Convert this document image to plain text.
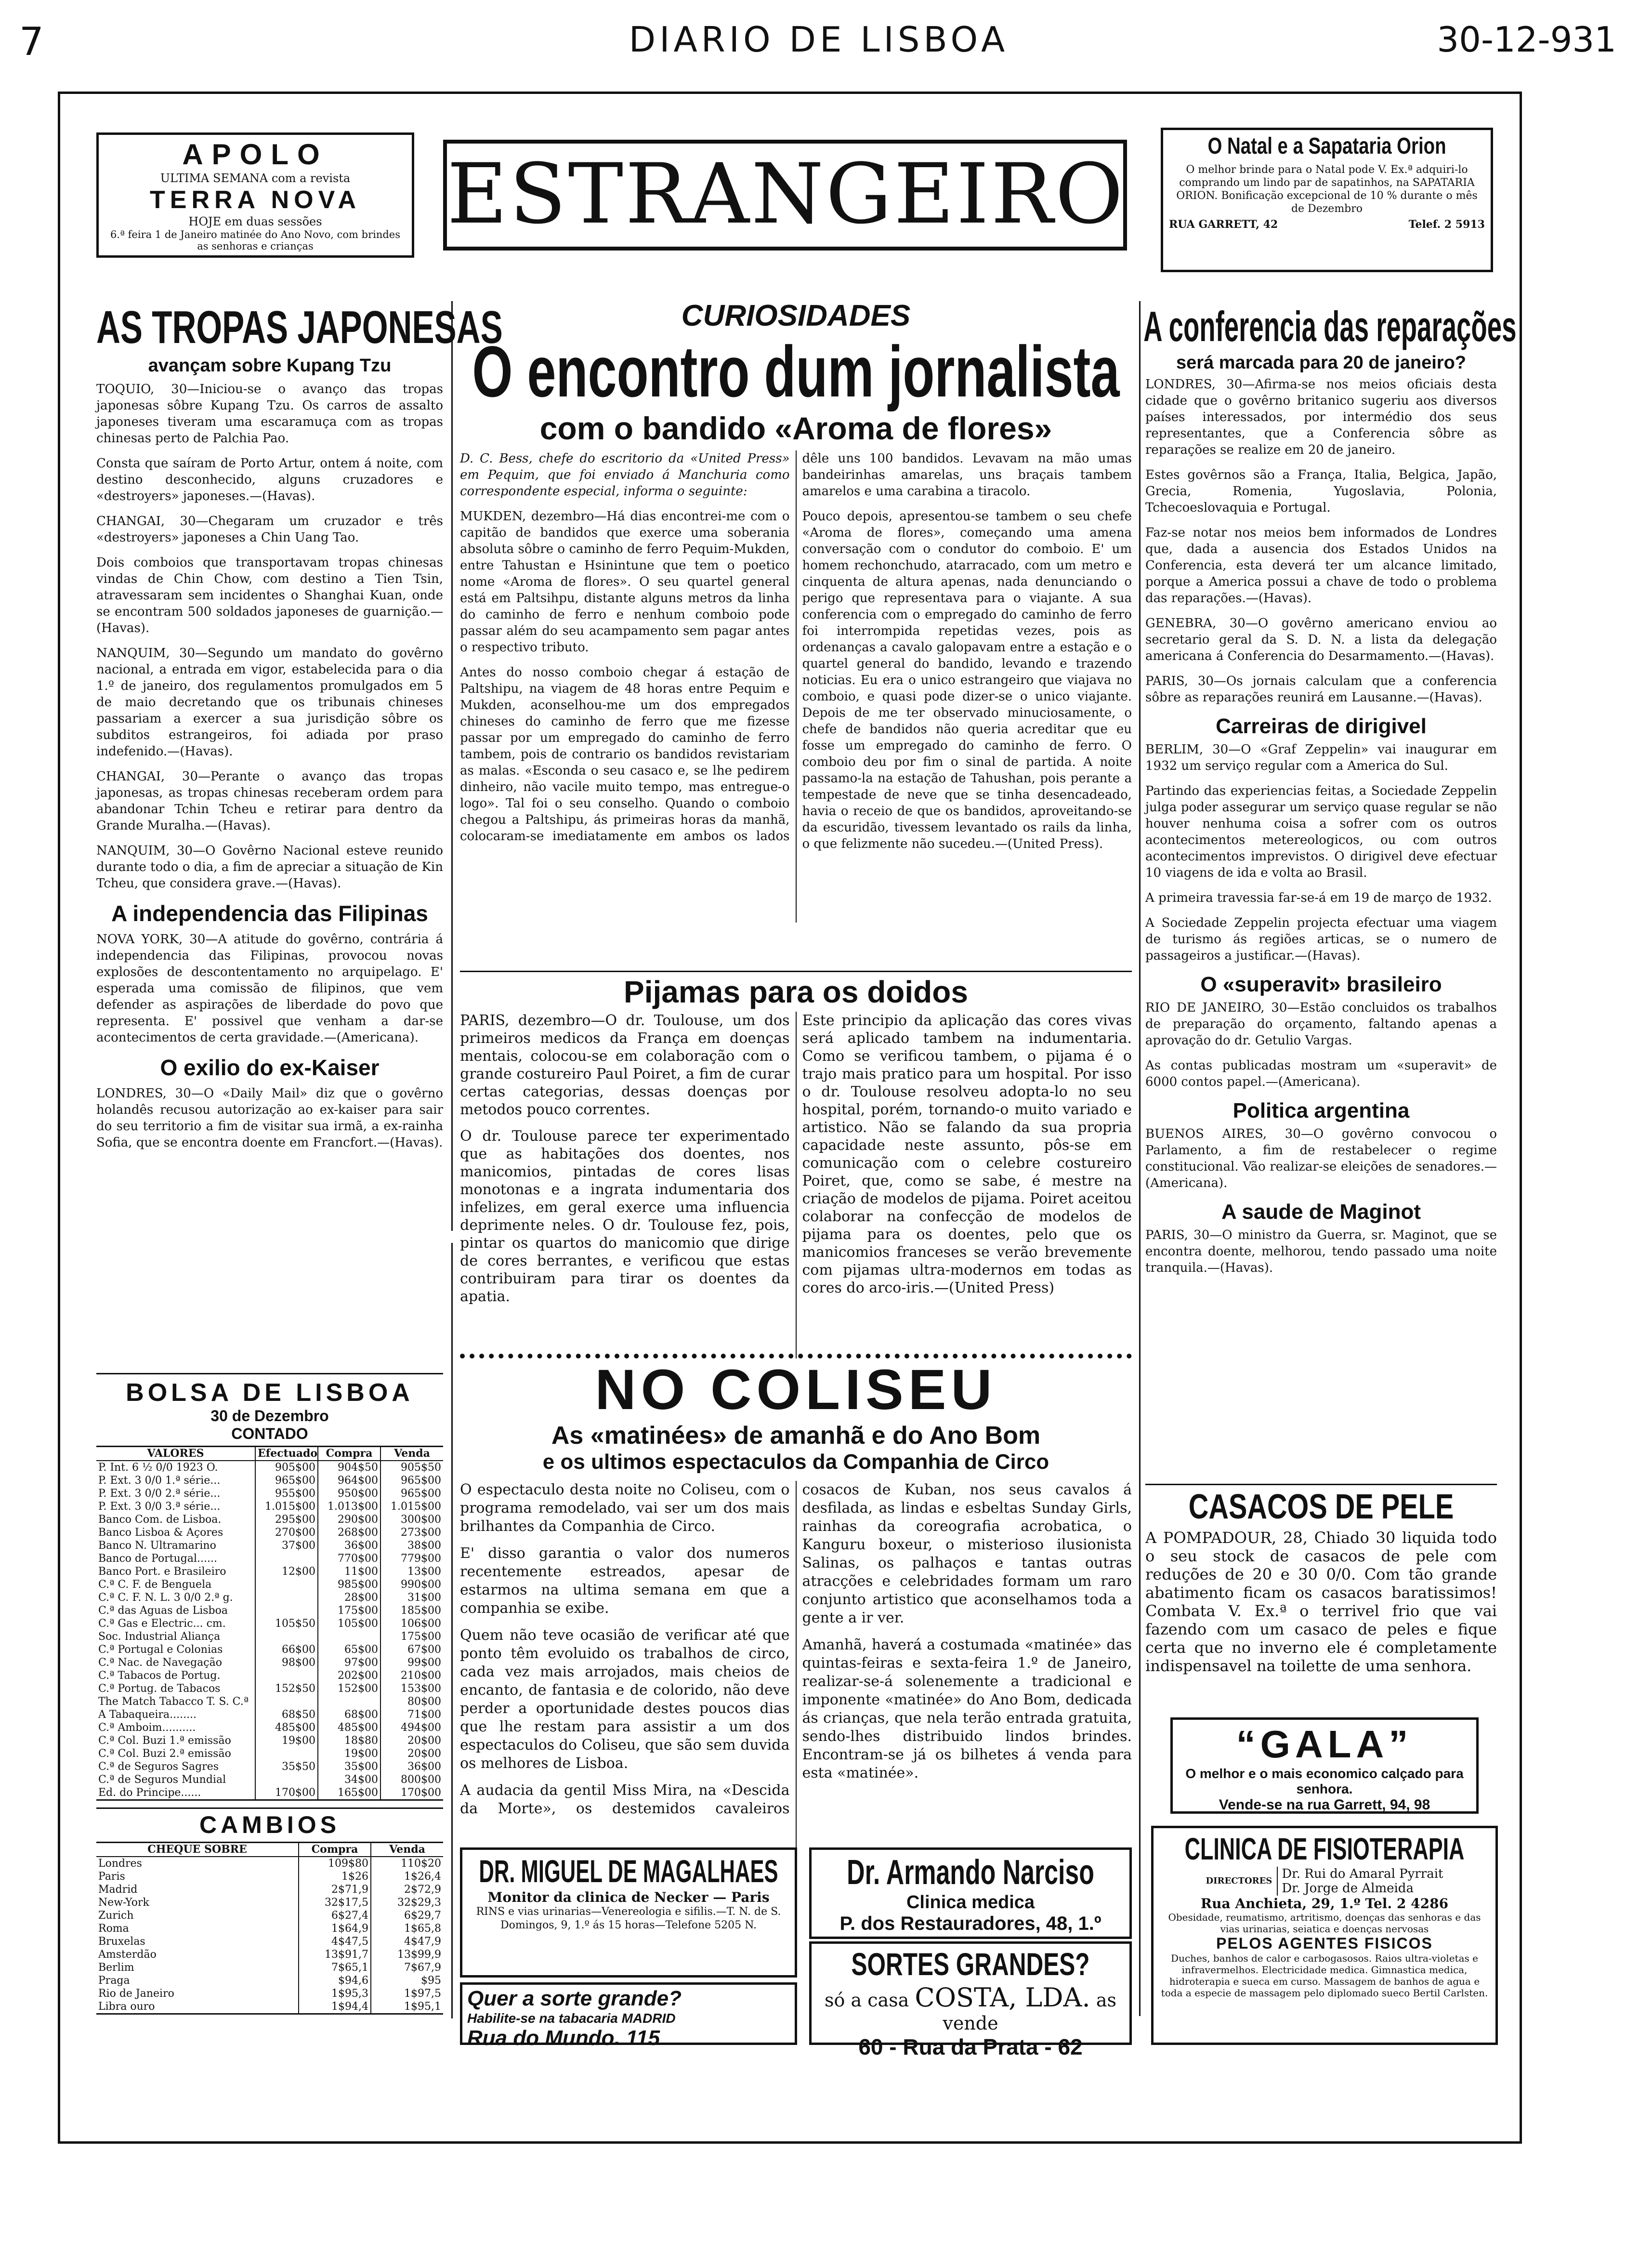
7	DIARIO DE LISBOA	30-12-931
APOLO
ULTIMA SEMANA com a revista
TERRA NOVA
HOJE em duas sessões
6.ª feira 1 de Janeiro matinée do Ano Novo, com brindes as senhoras e crianças
ESTRANGEIRO	O Natal e a Sapataria Orion
O melhor brinde para o Natal pode V. Ex.ª adquiri-lo comprando um lindo par de sapatinhos, na SAPATARIA ORION. Bonificação excepcional de 10 % durante o mês de Dezembro
RUA GARRETT, 42	Telef. 2 5913
AS TROPAS JAPONESAS
avançam sobre Kupang Tzu

TOQUIO, 30—Iniciou-se o avanço das tropas japonesas sôbre Kupang Tzu. Os carros de assalto japoneses tiveram uma escaramuça com as tropas chinesas perto de Palchia Pao.

Consta que saíram de Porto Artur, ontem á noite, com destino desconhecido, alguns cruzadores e «destroyers» japoneses.—(Havas).

CHANGAI, 30—Chegaram um cruzador e três «destroyers» japoneses a Chin Uang Tao.

Dois comboios que transportavam tropas chinesas vindas de Chin Chow, com destino a Tien Tsin, atravessaram sem incidentes o Shanghai Kuan, onde se encontram 500 soldados japoneses de guarnição.—(Havas).

NANQUIM, 30—Segundo um mandato do govêrno nacional, a entrada em vigor, estabelecida para o dia 1.º de janeiro, dos regulamentos promulgados em 5 de maio decretando que os tribunais chineses passariam a exercer a sua jurisdição sôbre os subditos estrangeiros, foi adiada por praso indefenido.—(Havas).

CHANGAI, 30—Perante o avanço das tropas japonesas, as tropas chinesas receberam ordem para abandonar Tchin Tcheu e retirar para dentro da Grande Muralha.—(Havas).

NANQUIM, 30—O Govêrno Nacional esteve reunido durante todo o dia, a fim de apreciar a situação de Kin Tcheu, que considera grave.—(Havas).

A independencia das Filipinas

NOVA YORK, 30—A atitude do govêrno, contrária á independencia das Filipinas, provocou novas explosões de descontentamento no arquipelago. E' esperada uma comissão de filipinos, que vem defender as aspirações de liberdade do povo que representa. E' possivel que venham a dar-se acontecimentos de certa gravidade.—(Americana).

O exilio do ex-Kaiser

LONDRES, 30—O «Daily Mail» diz que o govêrno holandês recusou autorização ao ex-kaiser para sair do seu territorio a fim de visitar sua irmã, a ex-rainha Sofia, que se encontra doente em Francfort.—(Havas).

BOLSA DE LISBOA
30 de Dezembro
CONTADO
VALORES	Efectuado	Compra	Venda
P. Int. 6 ½ 0/0 1923 O.	905$00	904$50	905$50
P. Ext. 3 0/0 1.ª série...	965$00	964$00	965$00
P. Ext. 3 0/0 2.ª série...	955$00	950$00	965$00
P. Ext. 3 0/0 3.ª série...	1.015$00	1.013$00	1.015$00
Banco Com. de Lisboa.	295$00	290$00	300$00
Banco Lisboa & Açores	270$00	268$00	273$00
Banco N. Ultramarino	37$00	36$00	38$00
Banco de Portugal......		770$00	779$00
Banco Port. e Brasileiro	12$00	11$00	13$00
C.ª C. F. de Benguela		985$00	990$00
C.ª C. F. N. L. 3 0/0 2.ª g.		28$00	31$00
C.ª das Aguas de Lisboa		175$00	185$00
C.ª Gas e Electric... cm.	105$50	105$00	106$00
Soc. Industrial Aliança			175$00
C.ª Portugal e Colonias	66$00	65$00	67$00
C.ª Nac. de Navegação	98$00	97$00	99$00
C.ª Tabacos de Portug.		202$00	210$00
C.ª Portug. de Tabacos	152$50	152$00	153$00
The Match Tabacco T. S. C.ª			80$00
A Tabaqueira........	68$50	68$00	71$00
C.ª Amboim..........	485$00	485$00	494$00
C.ª Col. Buzi 1.ª emissão	19$00	18$80	20$00
C.ª Col. Buzi 2.ª emissão		19$00	20$00
C.ª de Seguros Sagres	35$50	35$00	36$00
C.ª de Seguros Mundial		34$00	800$00
Ed. do Principe......	170$00	165$00	170$00
CAMBIOS
CHEQUE SOBRE	Compra	Venda
Londres	109$80	110$20
Paris	1$26	1$26,4
Madrid	2$71,9	2$72,9
New-York	32$17,5	32$29,3
Zurich	6$27,4	6$29,7
Roma	1$64,9	1$65,8
Bruxelas	4$47,5	4$47,9
Amsterdão	13$91,7	13$99,9
Berlim	7$65,1	7$67,9
Praga	$94,6	$95
Rio de Janeiro	1$95,3	1$97,5
Libra ouro	1$94,4	1$95,1
CURIOSIDADES
O encontro dum jornalista
com o bandido «Aroma de flores»

D. C. Bess, chefe do escritorio da «United Press» em Pequim, que foi enviado á Manchuria como correspondente especial, informa o seguinte:

MUKDEN, dezembro—Há dias encontrei-me com o capitão de bandidos que exerce uma soberania absoluta sôbre o caminho de ferro Pequim-Mukden, entre Tahustan e Hsinintune que tem o poetico nome «Aroma de flores». O seu quartel general está em Paltsihpu, distante alguns metros da linha do caminho de ferro e nenhum comboio pode passar além do seu acampamento sem pagar antes o respectivo tributo.

Antes do nosso comboio chegar á estação de Paltshipu, na viagem de 48 horas entre Pequim e Mukden, aconselhou-me um dos empregados chineses do caminho de ferro que me fizesse passar por um empregado do caminho de ferro tambem, pois de contrario os bandidos revistariam as malas. «Esconda o seu casaco e, se lhe pedirem dinheiro, não vacile muito tempo, mas entregue-o logo». Tal foi o seu conselho. Quando o comboio chegou a Paltshipu, ás primeiras horas da manhã, colocaram-se imediatamente em ambos os lados dêle uns 100 bandidos. Levavam na mão umas bandeirinhas amarelas, uns braçais tambem amarelos e uma carabina a tiracolo.

Pouco depois, apresentou-se tambem o seu chefe «Aroma de flores», começando uma amena conversação com o condutor do comboio. E' um homem rechonchudo, atarracado, com um metro e cinquenta de altura apenas, nada denunciando o perigo que representava para o viajante. A sua conferencia com o empregado do caminho de ferro foi interrompida repetidas vezes, pois as ordenanças a cavalo galopavam entre a estação e o quartel general do bandido, levando e trazendo noticias. Eu era o unico estrangeiro que viajava no comboio, e quasi pode dizer-se o unico viajante. Depois de me ter observado minuciosamente, o chefe de bandidos não queria acreditar que eu fosse um empregado do caminho de ferro. O comboio deu por fim o sinal de partida. A noite passamo-la na estação de Tahushan, pois perante a tempestade de neve que se tinha desencadeado, havia o receio de que os bandidos, aproveitando-se da escuridão, tivessem levantado os rails da linha, o que felizmente não sucedeu.—(United Press).

Pijamas para os doidos

PARIS, dezembro—O dr. Toulouse, um dos primeiros medicos da França em doenças mentais, colocou-se em colaboração com o grande costureiro Paul Poiret, a fim de curar certas categorias, dessas doenças por metodos pouco correntes.

O dr. Toulouse parece ter experimentado que as habitações dos doentes, nos manicomios, pintadas de cores lisas monotonas e a ingrata indumentaria dos infelizes, em geral exerce uma influencia deprimente neles. O dr. Toulouse fez, pois, pintar os quartos do manicomio que dirige de cores berrantes, e verificou que estas contribuiram para tirar os doentes da apatia.

Este principio da aplicação das cores vivas será aplicado tambem na indumentaria. Como se verificou tambem, o pijama é o trajo mais pratico para um hospital. Por isso o dr. Toulouse resolveu adopta-lo no seu hospital, porém, tornando-o muito variado e artistico. Não se falando da sua propria capacidade neste assunto, pôs-se em comunicação com o celebre costureiro Poiret, que, como se sabe, é mestre na criação de modelos de pijama. Poiret aceitou colaborar na confecção de modelos de pijama para os doentes, pelo que os manicomios franceses se verão brevemente com pijamas ultra-modernos em todas as cores do arco-iris.—(United Press)

NO COLISEU
As «matinées» de amanhã e do Ano Bom
e os ultimos espectaculos da Companhia de Circo

O espectaculo desta noite no Coliseu, com o programa remodelado, vai ser um dos mais brilhantes da Companhia de Circo.

E' disso garantia o valor dos numeros recentemente estreados, apesar de estarmos na ultima semana em que a companhia se exibe.

Quem não teve ocasião de verificar até que ponto têm evoluido os trabalhos de circo, cada vez mais arrojados, mais cheios de encanto, de fantasia e de colorido, não deve perder a oportunidade destes poucos dias que lhe restam para assistir a um dos espectaculos do Coliseu, que são sem duvida os melhores de Lisboa.

A audacia da gentil Miss Mira, na «Descida da Morte», os destemidos cavaleiros cosacos de Kuban, nos seus cavalos á desfilada, as lindas e esbeltas Sunday Girls, rainhas da coreografia acrobatica, o Kanguru boxeur, o misterioso ilusionista Salinas, os palhaços e tantas outras atracções e celebridades formam um raro conjunto artistico que aconselhamos toda a gente a ir ver.

Amanhã, haverá a costumada «matinée» das quintas-feiras e sexta-feira 1.º de Janeiro, realizar-se-á solenemente a tradicional e imponente «matinée» do Ano Bom, dedicada ás crianças, que nela terão entrada gratuita, sendo-lhes distribuido lindos brindes. Encontram-se já os bilhetes á venda para esta «matinée».

DR. MIGUEL DE MAGALHAES
Monitor da clinica de Necker — Paris
RINS e vias urinarias—Venereologia e sifilis.—T. N. de S. Domingos, 9, 1.º ás 15 horas—Telefone 5205 N.
Dr. Armando Narciso
Clinica medica
P. dos Restauradores, 48, 1.º
Quer a sorte grande?
Habilite-se na tabacaria MADRID
Rua do Mundo. 115
SORTES GRANDES?
só a casa COSTA, LDA. as vende
60 - Rua da Prata - 62
A conferencia das reparações
será marcada para 20 de janeiro?

LONDRES, 30—Afirma-se nos meios oficiais desta cidade que o govêrno britanico sugeriu aos diversos países interessados, por intermédio dos seus representantes, que a Conferencia sôbre as reparações se realize em 20 de janeiro.

Estes govêrnos são a França, Italia, Belgica, Japão, Grecia, Romenia, Yugoslavia, Polonia, Tchecoeslovaquia e Portugal.

Faz-se notar nos meios bem informados de Londres que, dada a ausencia dos Estados Unidos na Conferencia, esta deverá ter um alcance limitado, porque a America possui a chave de todo o problema das reparações.—(Havas).

GENEBRA, 30—O govêrno americano enviou ao secretario geral da S. D. N. a lista da delegação americana á Conferencia do Desarmamento.—(Havas).

PARIS, 30—Os jornais calculam que a conferencia sôbre as reparações reunirá em Lausanne.—(Havas).

Carreiras de dirigivel

BERLIM, 30—O «Graf Zeppelin» vai inaugurar em 1932 um serviço regular com a America do Sul.

Partindo das experiencias feitas, a Sociedade Zeppelin julga poder assegurar um serviço quase regular se não houver nenhuma coisa a sofrer com os outros acontecimentos metereologicos, ou com outros acontecimentos imprevistos. O dirigivel deve efectuar 10 viagens de ida e volta ao Brasil.

A primeira travessia far-se-á em 19 de março de 1932.

A Sociedade Zeppelin projecta efectuar uma viagem de turismo ás regiões articas, se o numero de passageiros a justificar.—(Havas).

O «superavit» brasileiro

RIO DE JANEIRO, 30—Estão concluidos os trabalhos de preparação do orçamento, faltando apenas a aprovação do dr. Getulio Vargas.

As contas publicadas mostram um «superavit» de 6000 contos papel.—(Americana).

Politica argentina

BUENOS AIRES, 30—O govêrno convocou o Parlamento, a fim de restabelecer o regime constitucional. Vão realizar-se eleições de senadores.—(Americana).

A saude de Maginot

PARIS, 30—O ministro da Guerra, sr. Maginot, que se encontra doente, melhorou, tendo passado uma noite tranquila.—(Havas).

CASACOS DE PELE
A POMPADOUR, 28, Chiado 30 liquida todo o seu stock de casacos de pele com reduções de 20 e 30 0/0. Com tão grande abatimento ficam os casacos baratissimos! Combata V. Ex.ª o terrivel frio que vai fazendo com um casaco de peles e fique certa que no inverno ele é completamente indispensavel na toilette de uma senhora.
“GALA”
O melhor e o mais economico calçado para senhora.
Vende-se na rua Garrett, 94, 98
CLINICA DE FISIOTERAPIA
DIRECTORES Dr. Rui do Amaral Pyrrait
Dr. Jorge de Almeida
Rua Anchieta, 29, 1.º Tel. 2 4286
Obesidade, reumatismo, artritismo, doenças das senhoras e das vias urinarias, seiatica e doenças nervosas
PELOS AGENTES FISICOS
Duches, banhos de calor e carbogasosos. Raios ultra-violetas e infravermelhos. Electricidade medica. Gimnastica medica, hidroterapia e sueca em curso. Massagem de banhos de agua e toda a especie de massagem pelo diplomado sueco Bertil Carlsten.
